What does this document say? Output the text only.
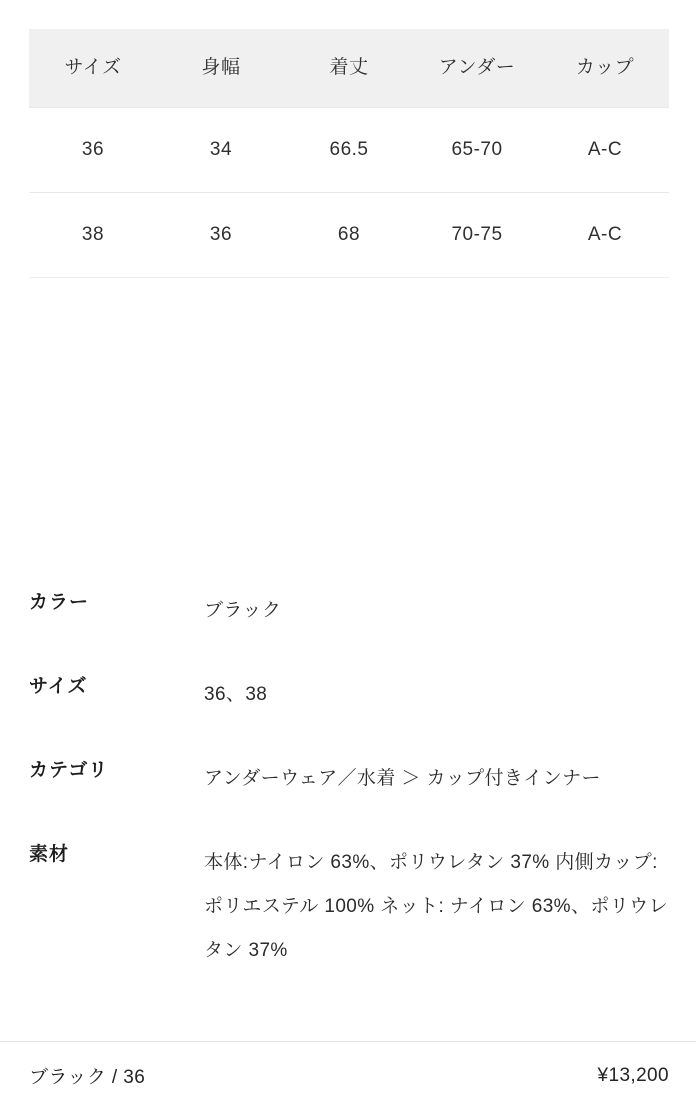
サイズ	身幅	着丈	アンダー	カップ
36	34	66.5	65-70	A-C
38	36	68	70-75	A-C
カラー	ブラック
サイズ	36、38
カテゴリ	アンダーウェア／水着 ＞ カップ付きインナー
素材	本体:ナイロン 63%、ポリウレタン 37% 内側カップ:ポリエステル 100% ネット: ナイロン 63%、ポリウレタン 37%
ブラック / 36	¥13,200
